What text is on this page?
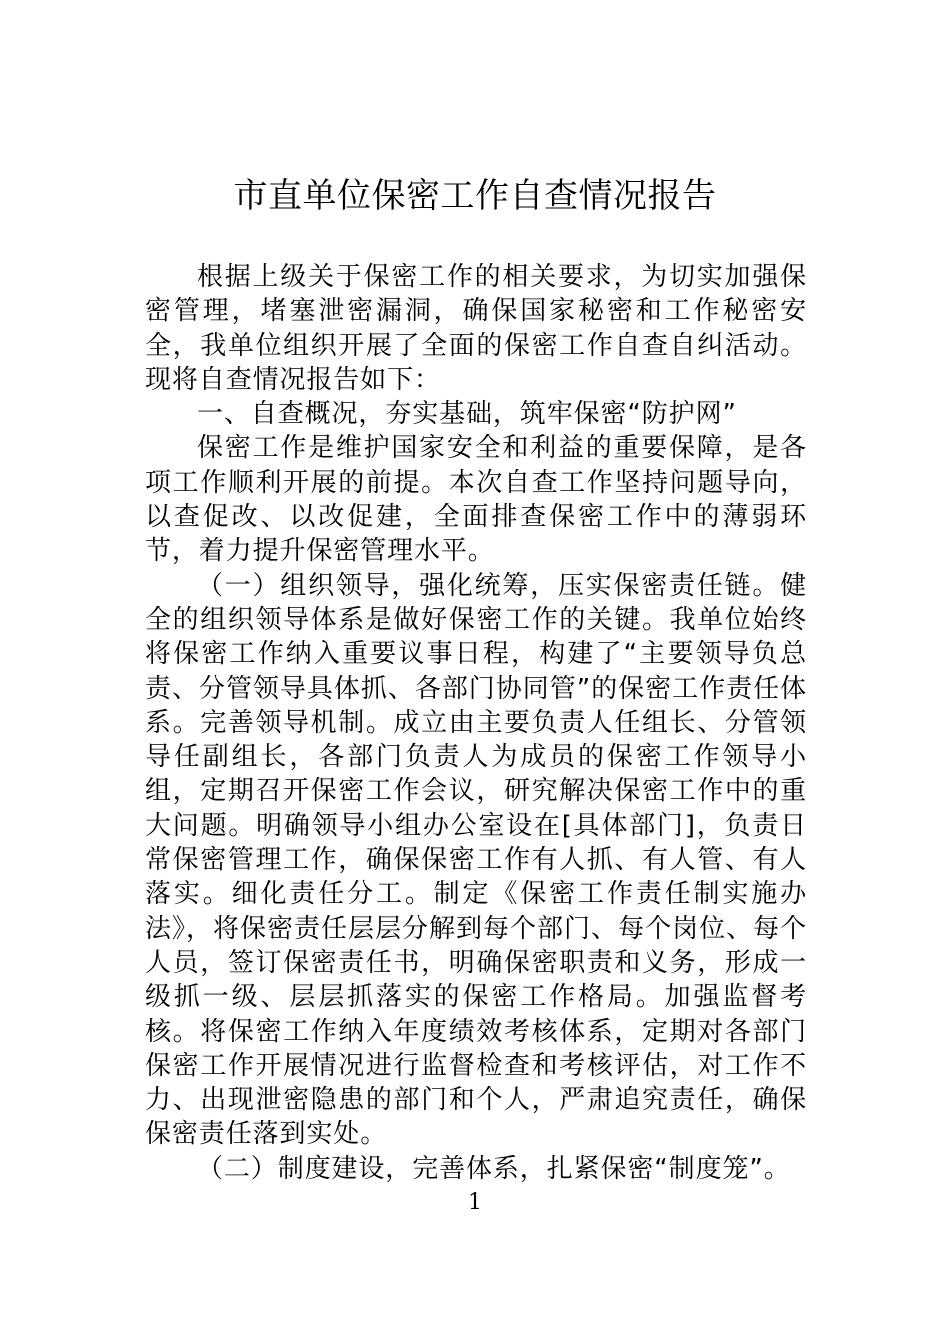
市直单位保密工作自查情况报告

根据上级关于保密工作的相关要求，为切实加强保密管理，堵塞泄密漏洞，确保国家秘密和工作秘密安全，我单位组织开展了全面的保密工作自查自纠活动。现将自查情况报告如下：

一、自查概况，夯实基础，筑牢保密“防护网”

保密工作是维护国家安全和利益的重要保障，是各项工作顺利开展的前提。本次自查工作坚持问题导向，以查促改、以改促建，全面排查保密工作中的薄弱环节，着力提升保密管理水平。

（一）组织领导，强化统筹，压实保密责任链。健全的组织领导体系是做好保密工作的关键。我单位始终将保密工作纳入重要议事日程，构建了“主要领导负总责、分管领导具体抓、各部门协同管”的保密工作责任体系。完善领导机制。成立由主要负责人任组长、分管领导任副组长，各部门负责人为成员的保密工作领导小组，定期召开保密工作会议，研究解决保密工作中的重大问题。明确领导小组办公室设在[具体部门]，负责日常保密管理工作，确保保密工作有人抓、有人管、有人落实。细化责任分工。制定《保密工作责任制实施办法》，将保密责任层层分解到每个部门、每个岗位、每个人员，签订保密责任书，明确保密职责和义务，形成一级抓一级、层层抓落实的保密工作格局。加强监督考核。将保密工作纳入年度绩效考核体系，定期对各部门保密工作开展情况进行监督检查和考核评估，对工作不力、出现泄密隐患的部门和个人，严肃追究责任，确保保密责任落到实处。

（二）制度建设，完善体系，扎紧保密“制度笼”。

1
